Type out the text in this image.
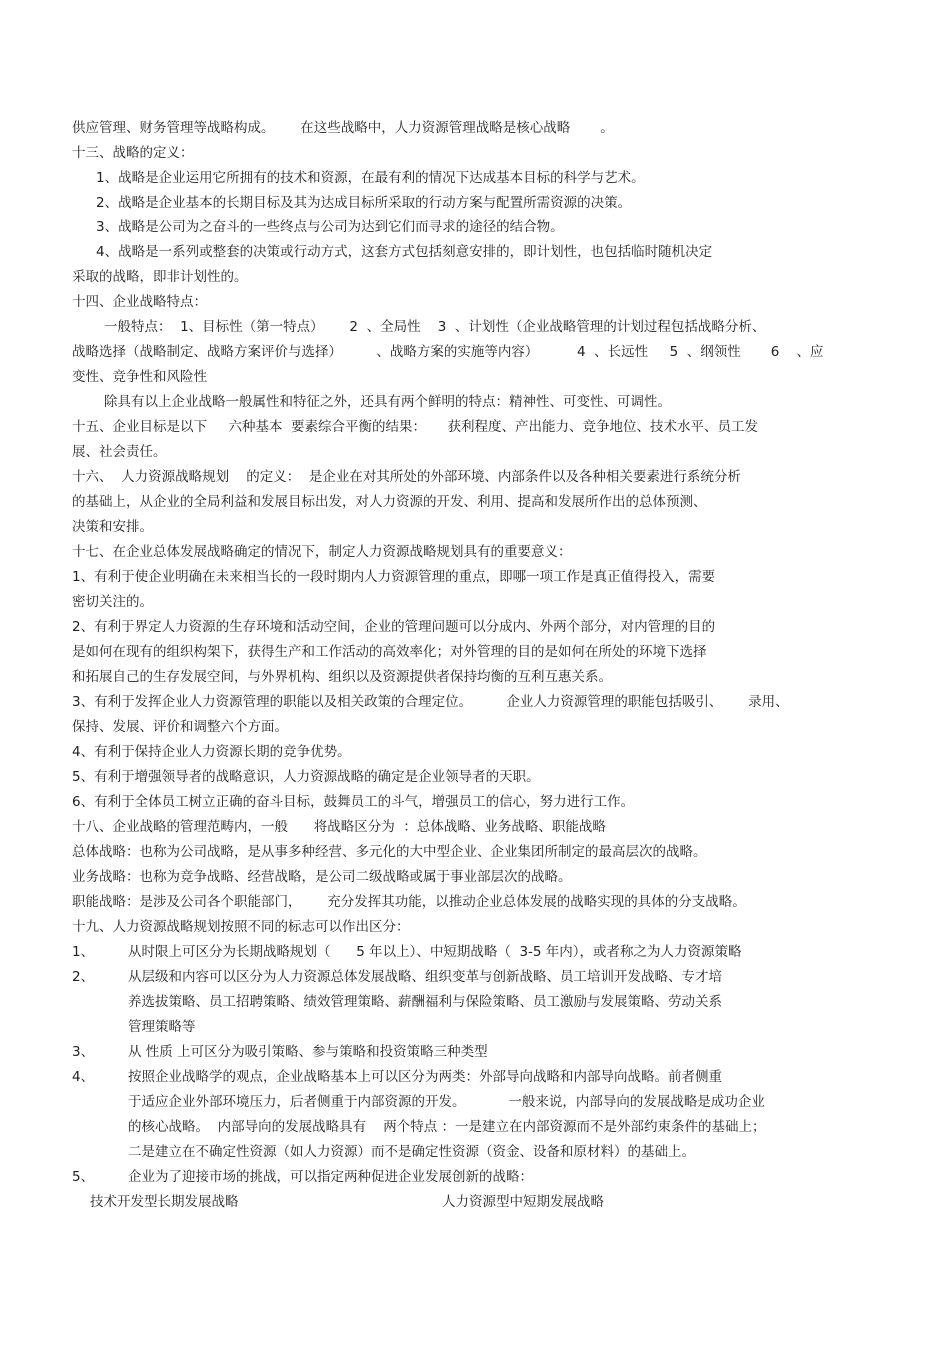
供应管理、财务管理等战略构成。      在这些战略中，人力资源管理战略是核心战略       。
十三、战略的定义：
1、战略是企业运用它所拥有的技术和资源，在最有利的情况下达成基本目标的科学与艺术。
2、战略是企业基本的长期目标及其为达成目标所采取的行动方案与配置所需资源的决策。
3、战略是公司为之奋斗的一些终点与公司为达到它们而寻求的途径的结合物。
4、战略是一系列或整套的决策或行动方式，这套方式包括刻意安排的，即计划性，也包括临时随机决定
采取的战略，即非计划性的。
十四、企业战略特点：
一般特点：  1、目标性（第一特点）      2  、全局性    3  、计划性（企业战略管理的计划过程包括战略分析、
战略选择（战略制定、战略方案评价与选择）        、战略方案的实施等内容）         4  、长远性     5  、纲领性       6    、应
变性、竞争性和风险性
除具有以上企业战略一般属性和特征之外，还具有两个鲜明的特点：精神性、可变性、可调性。
十五、企业目标是以下     六种基本  要素综合平衡的结果：     获利程度、产出能力、竞争地位、技术水平、员工发
展、社会责任。
十六、  人力资源战略规划    的定义：  是企业在对其所处的外部环境、内部条件以及各种相关要素进行系统分析
的基础上，从企业的全局利益和发展目标出发，对人力资源的开发、利用、提高和发展所作出的总体预测、
决策和安排。
十七、在企业总体发展战略确定的情况下，制定人力资源战略规划具有的重要意义：
1、有利于使企业明确在未来相当长的一段时期内人力资源管理的重点，即哪一项工作是真正值得投入，需要
密切关注的。
2、有利于界定人力资源的生存环境和活动空间，企业的管理问题可以分成内、外两个部分，对内管理的目的
是如何在现有的组织构架下，获得生产和工作活动的高效率化；对外管理的目的是如何在所处的环境下选择
和拓展自己的生存发展空间，与外界机构、组织以及资源提供者保持均衡的互利互惠关系。
3、有利于发挥企业人力资源管理的职能以及相关政策的合理定位。        企业人力资源管理的职能包括吸引、      录用、
保持、发展、评价和调整六个方面。
4、有利于保持企业人力资源长期的竞争优势。
5、有利于增强领导者的战略意识，人力资源战略的确定是企业领导者的天职。
6、有利于全体员工树立正确的奋斗目标，鼓舞员工的斗气，增强员工的信心，努力进行工作。
十八、企业战略的管理范畴内，一般      将战略区分为  ：总体战略、业务战略、职能战略
总体战略：也称为公司战略，是从事多种经营、多元化的大中型企业、企业集团所制定的最高层次的战略。
业务战略：也称为竞争战略、经营战略，是公司二级战略或属于事业部层次的战略。
职能战略：是涉及公司各个职能部门，      充分发挥其功能，以推动企业总体发展的战略实现的具体的分支战略。
十九、人力资源战略规划按照不同的标志可以作出区分：
1、	从时限上可区分为长期战略规划（      5 年以上）、中短期战略（  3-5 年内），或者称之为人力资源策略
2、	从层级和内容可以区分为人力资源总体发展战略、组织变革与创新战略、员工培训开发战略、专才培
养选拔策略、员工招聘策略、绩效管理策略、薪酬福利与保险策略、员工激励与发展策略、劳动关系
管理策略等
3、	从 性质 上可区分为吸引策略、参与策略和投资策略三种类型
4、	按照企业战略学的观点，企业战略基本上可以区分为两类：外部导向战略和内部导向战略。前者侧重
于适应企业外部环境压力，后者侧重于内部资源的开发。          一般来说，内部导向的发展战略是成功企业
的核心战略。  内部导向的发展战略具有    两个特点 ：一是建立在内部资源而不是外部约束条件的基础上；
二是建立在不确定性资源（如人力资源）而不是确定性资源（资金、设备和原材料）的基础上。
5、	企业为了迎接市场的挑战，可以指定两种促进企业发展创新的战略：
技术开发型长期发展战略	人力资源型中短期发展战略
